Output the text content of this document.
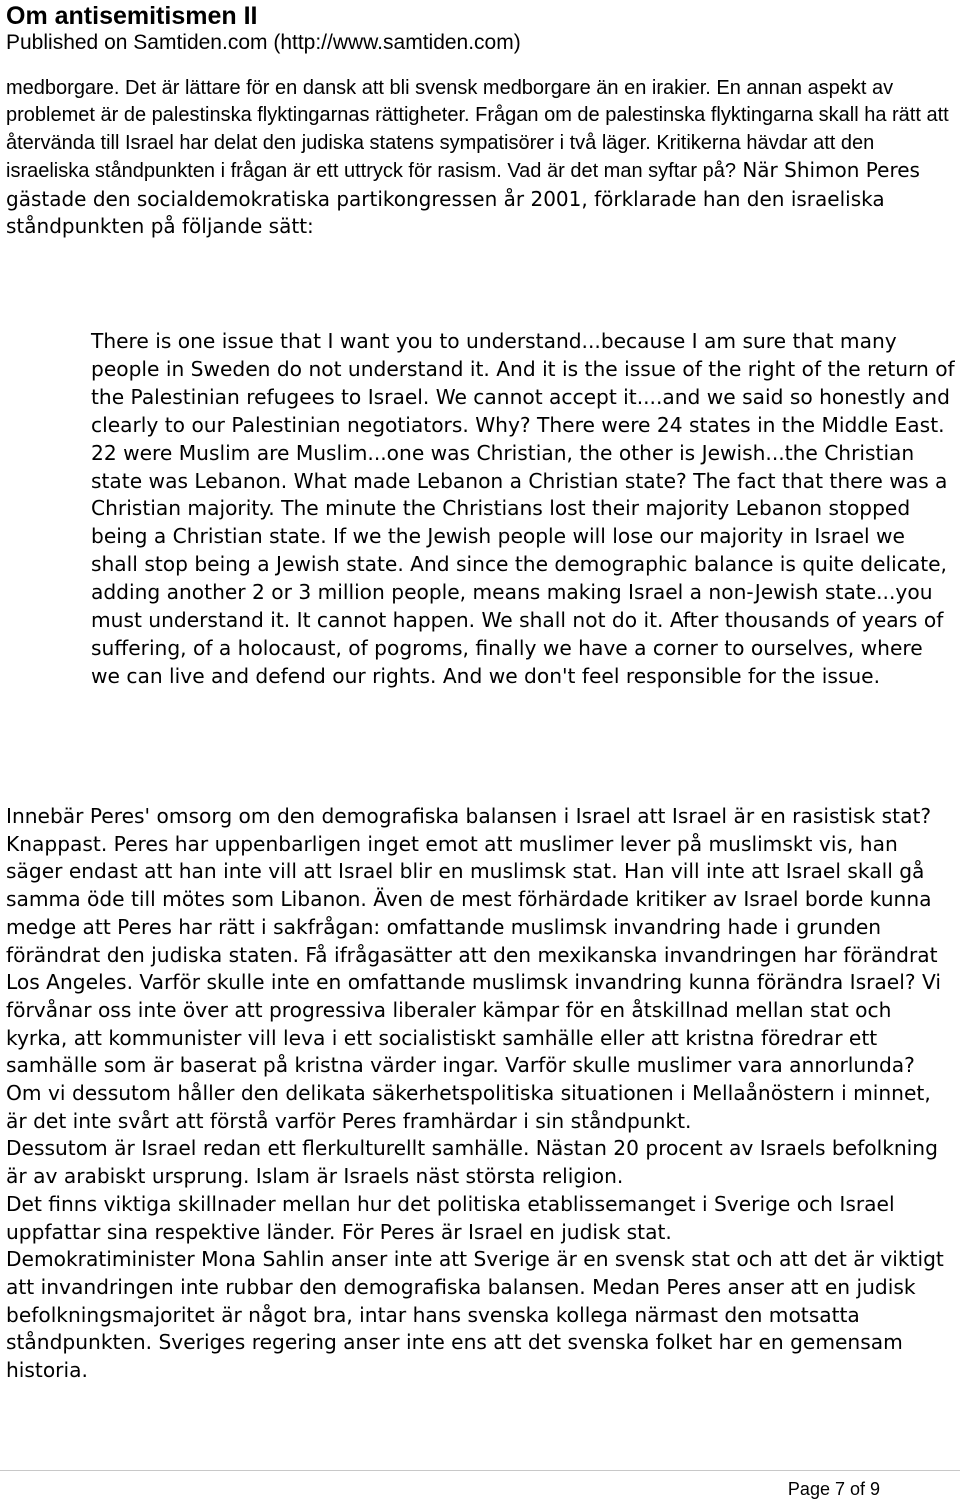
Om antisemitismen II
Published on Samtiden.com (http://www.samtiden.com)

medborgare. Det är lättare för en dansk att bli svensk medborgare än en irakier. En annan aspekt av problemet är de palestinska flyktingarnas rättigheter. Frågan om de palestinska flyktingarna skall ha rätt att återvända till Israel har delat den judiska statens sympatisörer i två läger. Kritikerna hävdar att den israeliska ståndpunkten i frågan är ett uttryck för rasism. Vad är det man syftar på? När Shimon Peres gästade den socialdemokratiska partikongressen år 2001, förklarade han den israeliska ståndpunkten på följande sätt:

There is one issue that I want you to understand...because I am sure that many people in Sweden do not understand it. And it is the issue of the right of the return of the Palestinian refugees to Israel. We cannot accept it....and we said so honestly and clearly to our Palestinian negotiators. Why? There were 24 states in the Middle East. 22 were Muslim are Muslim...one was Christian, the other is Jewish...the Christian state was Lebanon. What made Lebanon a Christian state? The fact that there was a Christian majority. The minute the Christians lost their majority Lebanon stopped being a Christian state. If we the Jewish people will lose our majority in Israel we shall stop being a Jewish state. And since the demographic balance is quite delicate, adding another 2 or 3 million people, means making Israel a non-Jewish state...you must understand it. It cannot happen. We shall not do it. After thousands of years of suffering, of a holocaust, of pogroms, finally we have a corner to ourselves, where we can live and defend our rights. And we don't feel responsible for the issue.

Innebär Peres' omsorg om den demografiska balansen i Israel att Israel är en rasistisk stat? Knappast. Peres har uppenbarligen inget emot att muslimer lever på muslimskt vis, han säger endast att han inte vill att Israel blir en muslimsk stat. Han vill inte att Israel skall gå samma öde till mötes som Libanon. Även de mest förhärdade kritiker av Israel borde kunna medge att Peres har rätt i sakfrågan: omfattande muslimsk invandring hade i grunden förändrat den judiska staten. Få ifrågasätter att den mexikanska invandringen har förändrat Los Angeles. Varför skulle inte en omfattande muslimsk invandring kunna förändra Israel? Vi förvånar oss inte över att progressiva liberaler kämpar för en åtskillnad mellan stat och kyrka, att kommunister vill leva i ett socialistiskt samhälle eller att kristna föredrar ett samhälle som är baserat på kristna värder ingar. Varför skulle muslimer vara annorlunda? Om vi dessutom håller den delikata säkerhetspolitiska situationen i Mellaånöstern i minnet, är det inte svårt att förstå varför Peres framhärdar i sin ståndpunkt.

Dessutom är Israel redan ett flerkulturellt samhälle. Nästan 20 procent av Israels befolkning är av arabiskt ursprung. Islam är Israels näst största religion.

Det finns viktiga skillnader mellan hur det politiska etablissemanget i Sverige och Israel uppfattar sina respektive länder. För Peres är Israel en judisk stat.

Demokratiminister Mona Sahlin anser inte att Sverige är en svensk stat och att det är viktigt att invandringen inte rubbar den demografiska balansen. Medan Peres anser att en judisk befolkningsmajoritet är något bra, intar hans svenska kollega närmast den motsatta ståndpunkten. Sveriges regering anser inte ens att det svenska folket har en gemensam historia.

Page 7 of 9
